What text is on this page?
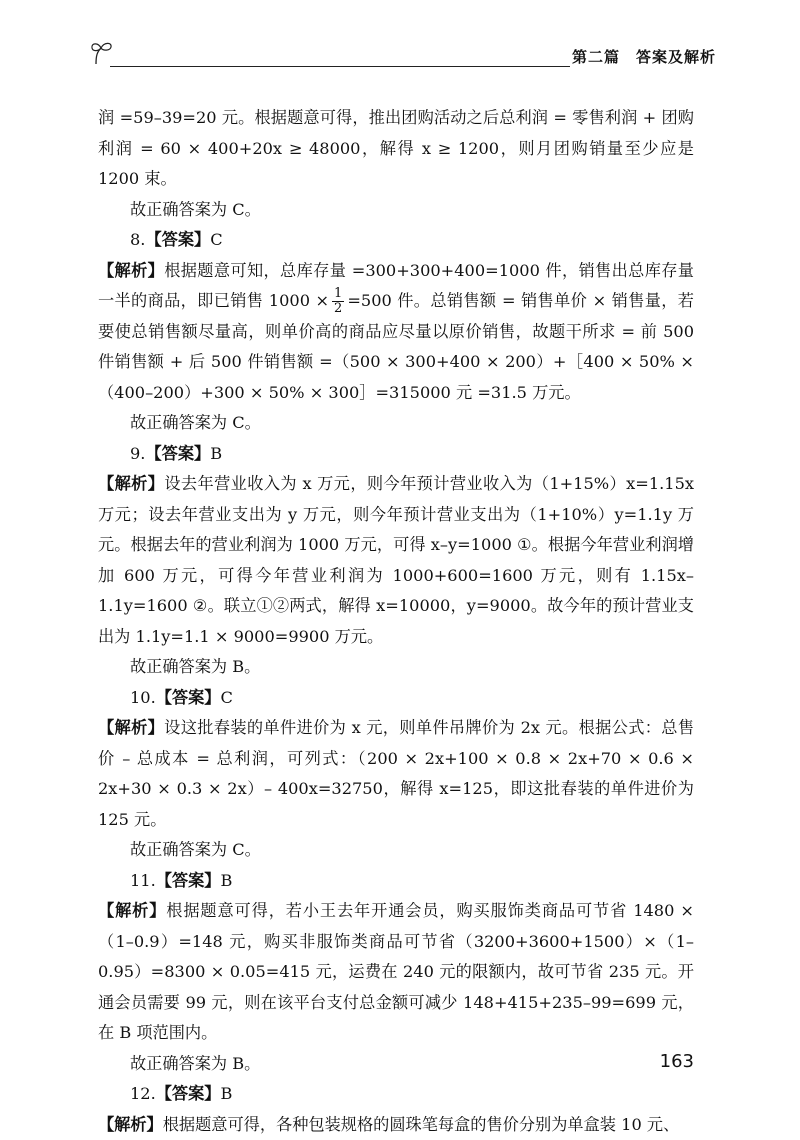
第二篇　答案及解析

润 =59–39=20 元。根据题意可得，推出团购活动之后总利润 = 零售利润 + 团购利润 = 60 × 400+20x ≥ 48000，解得 x ≥ 1200，则月团购销量至少应是 1200 束。

故正确答案为 C。

8.【答案】C

【解析】根据题意可知，总库存量 =300+300+400=1000 件，销售出总库存量一半的商品，即已销售 $1000 \times \frac{1}{2} =500$ 件。总销售额 = 销售单价 × 销售量，若要使总销售额尽量高，则单价高的商品应尽量以原价销售，故题干所求 = 前 500 件销售额 + 后 500 件销售额 =（500 × 300+400 × 200）+［400 × 50% ×（400–200）+300 × 50% × 300］=315000 元 =31.5 万元。

故正确答案为 C。

9.【答案】B

【解析】设去年营业收入为 x 万元，则今年预计营业收入为（1+15%）x=1.15x 万元；设去年营业支出为 y 万元，则今年预计营业支出为（1+10%）y=1.1y 万元。根据去年的营业利润为 1000 万元，可得 x–y=1000 ①。根据今年营业利润增加 600 万元，可得今年营业利润为 1000+600=1600 万元，则有 1.15x–1.1y=1600 ②。联立①②两式，解得 x=10000，y=9000。故今年的预计营业支出为 1.1y=1.1 × 9000=9900 万元。

故正确答案为 B。

10.【答案】C

【解析】设这批春装的单件进价为 x 元，则单件吊牌价为 2x 元。根据公式：总售价 – 总成本 = 总利润，可列式：（200 × 2x+100 × 0.8 × 2x+70 × 0.6 × 2x+30 × 0.3 × 2x）– 400x=32750，解得 x=125，即这批春装的单件进价为 125 元。

故正确答案为 C。

11.【答案】B

【解析】根据题意可得，若小王去年开通会员，购买服饰类商品可节省 1480 ×（1–0.9）=148 元，购买非服饰类商品可节省（3200+3600+1500）×（1–0.95）=8300 × 0.05=415 元，运费在 240 元的限额内，故可节省 235 元。开通会员需要 99 元，则在该平台支付总金额可减少 148+415+235–99=699 元，在 B 项范围内。

故正确答案为 B。

12.【答案】B

【解析】根据题意可得，各种包装规格的圆珠笔每盒的售价分别为单盒装 10 元、

163
